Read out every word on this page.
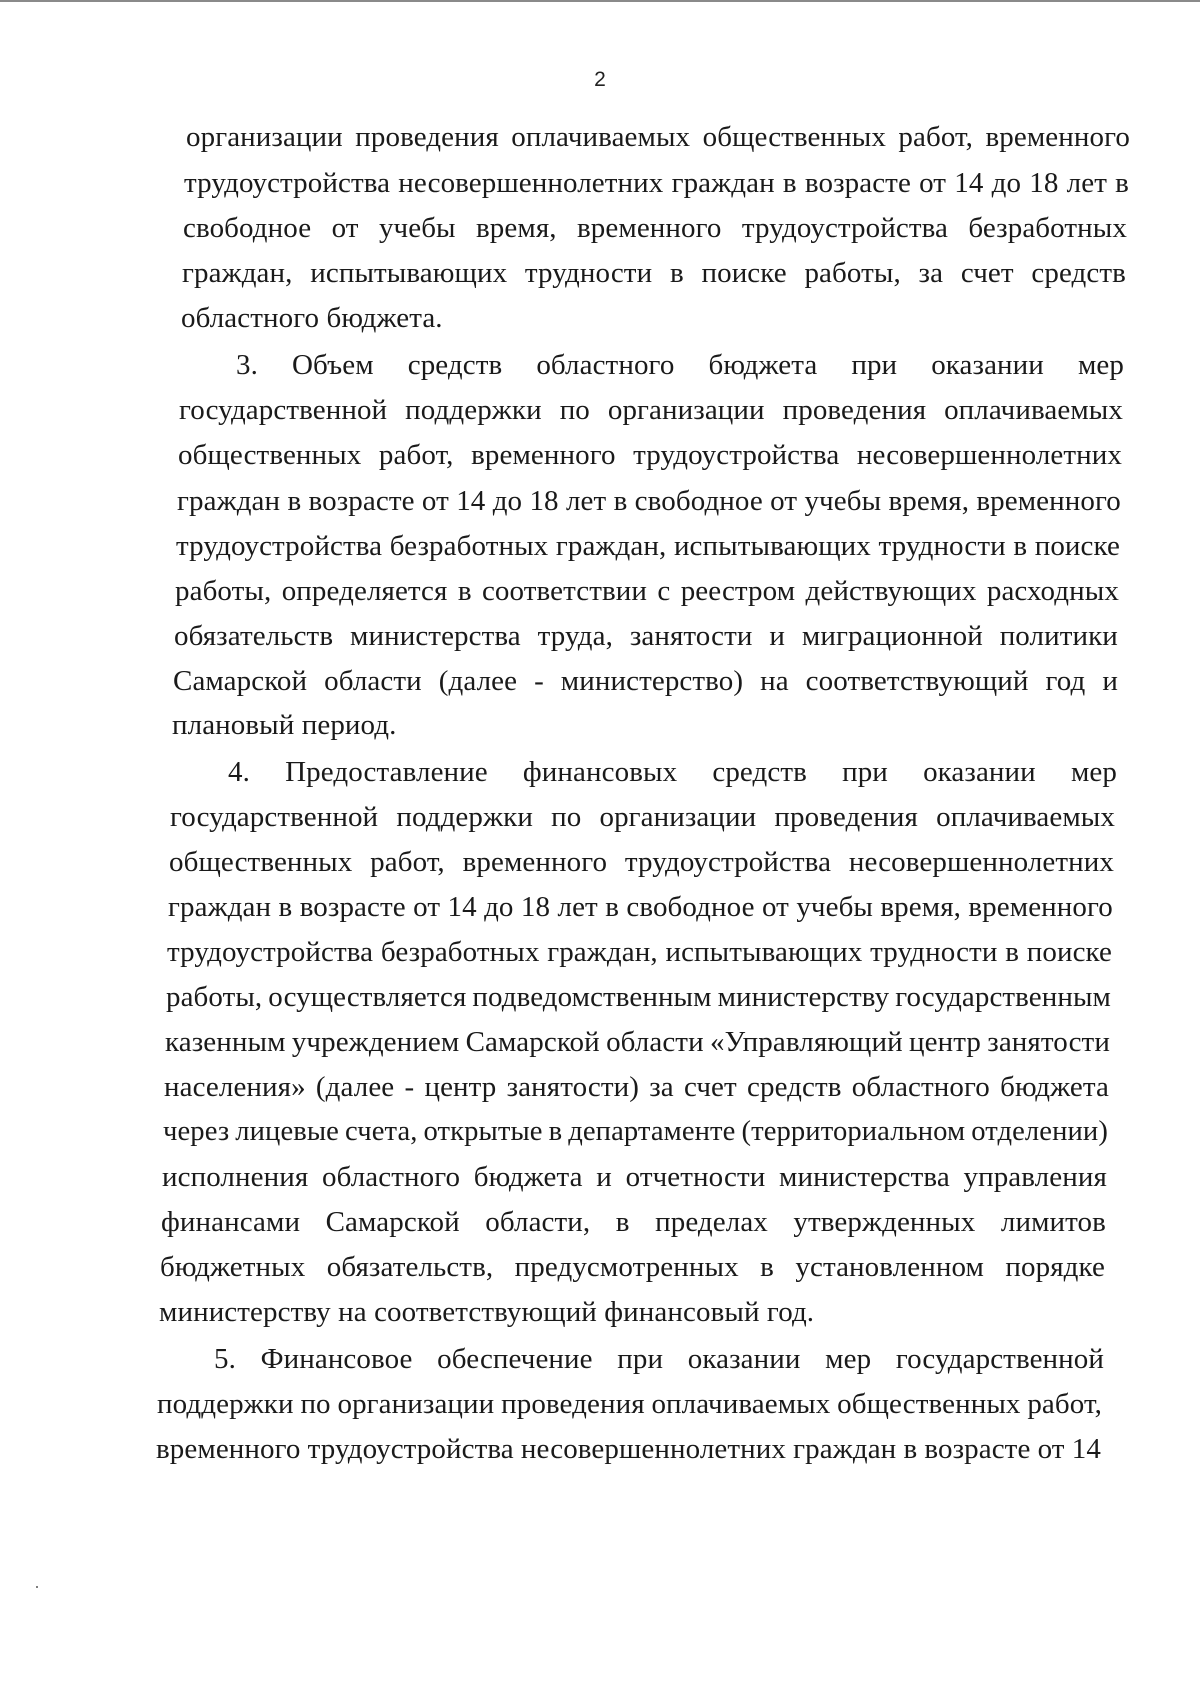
2
организации проведения оплачиваемых общественных работ, временного
трудоустройства несовершеннолетних граждан в возрасте от 14 до 18 лет в
свободное от учебы время, временного трудоустройства безработных
граждан, испытывающих трудности в поиске работы, за счет средств
областного бюджета.
3. Объем средств областного бюджета при оказании мер
государственной поддержки по организации проведения оплачиваемых
общественных работ, временного трудоустройства несовершеннолетних
граждан в возрасте от 14 до 18 лет в свободное от учебы время, временного
трудоустройства безработных граждан, испытывающих трудности в поиске
работы, определяется в соответствии с реестром действующих расходных
обязательств министерства труда, занятости и миграционной политики
Самарской области (далее - министерство) на соответствующий год и
плановый период.
4. Предоставление финансовых средств при оказании мер
государственной поддержки по организации проведения оплачиваемых
общественных работ, временного трудоустройства несовершеннолетних
граждан в возрасте от 14 до 18 лет в свободное от учебы время, временного
трудоустройства безработных граждан, испытывающих трудности в поиске
работы, осуществляется подведомственным министерству государственным
казенным учреждением Самарской области «Управляющий центр занятости
населения» (далее - центр занятости) за счет средств областного бюджета
через лицевые счета, открытые в департаменте (территориальном отделении)
исполнения областного бюджета и отчетности министерства управления
финансами Самарской области, в пределах утвержденных лимитов
бюджетных обязательств, предусмотренных в установленном порядке
министерству на соответствующий финансовый год.
5. Финансовое обеспечение при оказании мер государственной
поддержки по организации проведения оплачиваемых общественных работ,
временного трудоустройства несовершеннолетних граждан в возрасте от 14
